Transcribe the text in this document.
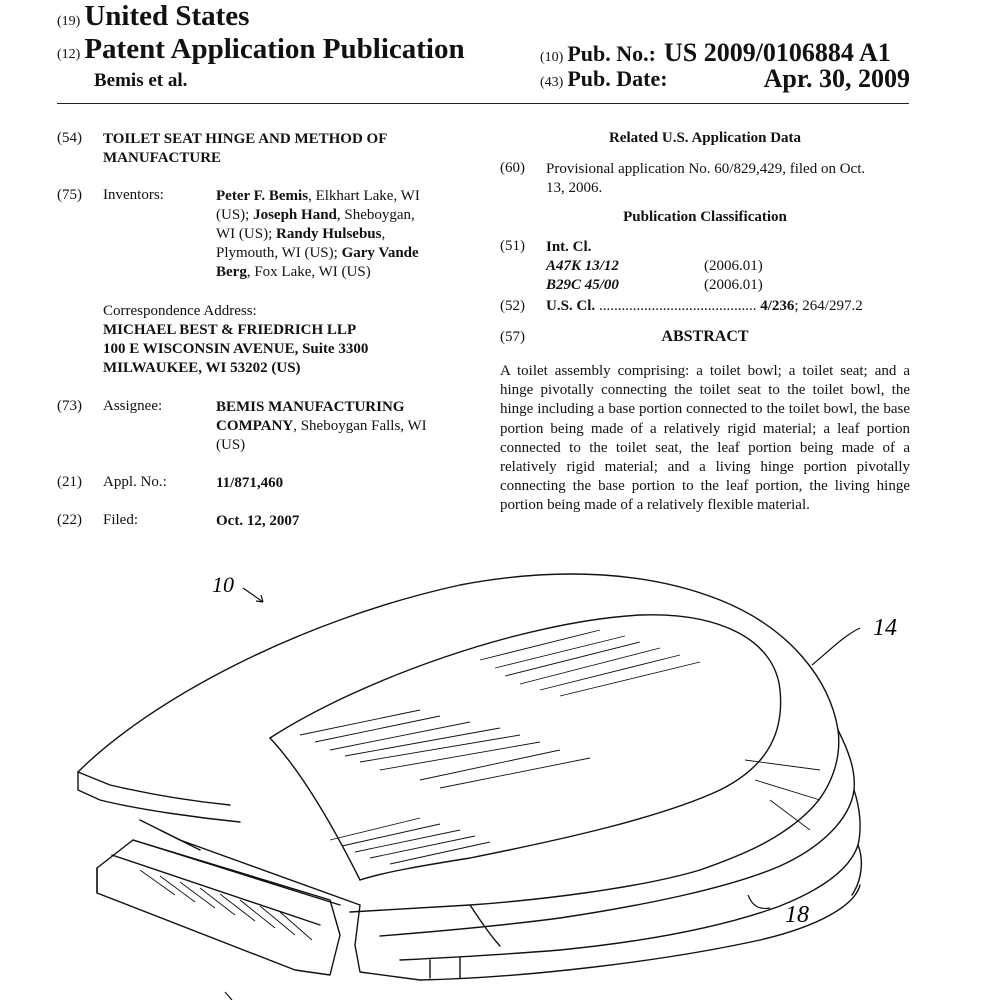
(19) United States
(12) Patent Application Publication
Bemis et al.
(10) Pub. No.: US 2009/0106884 A1
(43) Pub. Date:	Apr. 30, 2009
(54) TOILET SEAT HINGE AND METHOD OF
MANUFACTURE
(75) Inventors:	Peter F. Bemis, Elkhart Lake, WI
(US); Joseph Hand, Sheboygan,
WI (US); Randy Hulsebus,
Plymouth, WI (US); Gary Vande
Berg, Fox Lake, WI (US)
Correspondence Address:
MICHAEL BEST & FRIEDRICH LLP
100 E WISCONSIN AVENUE, Suite 3300
MILWAUKEE, WI 53202 (US)
(73) Assignee:	BEMIS MANUFACTURING
COMPANY, Sheboygan Falls, WI
(US)
(21) Appl. No.:	11/871,460
(22) Filed:	Oct. 12, 2007
Related U.S. Application Data
(60) Provisional application No. 60/829,429, filed on Oct.
13, 2006.
Publication Classification
(51) Int. Cl.
A47K 13/12	(2006.01)
B29C 45/00	(2006.01)
(52) U.S. Cl. .......................................... 4/236; 264/297.2
(57)	ABSTRACT
A toilet assembly comprising: a toilet bowl; a toilet seat; and a hinge pivotally connecting the toilet seat to the toilet bowl, the hinge including a base portion connected to the toilet bowl, the base portion being made of a relatively rigid material; a leaf portion connected to the toilet seat, the leaf portion being made of a relatively rigid material; and a living hinge portion pivotally connecting the base portion to the leaf portion, the living hinge portion being made of a relatively flexible material.
10
14
18
